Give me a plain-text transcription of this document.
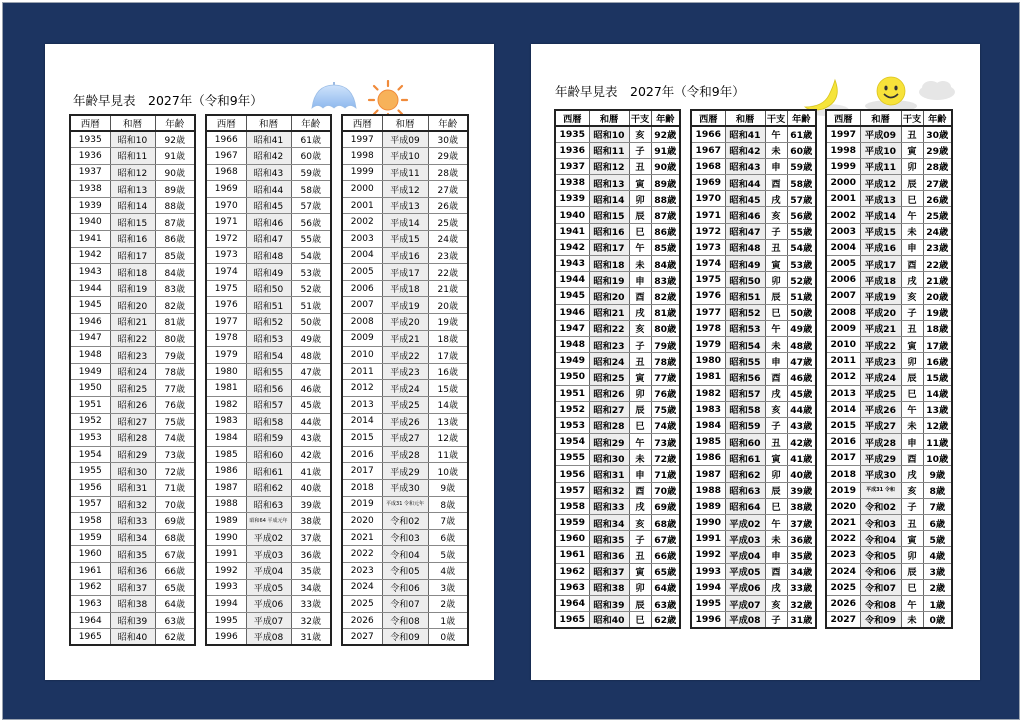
年齢早見表　2027年（令和9年）
西暦	和暦	年齢
1935	昭和10	92歳
1936	昭和11	91歳
1937	昭和12	90歳
1938	昭和13	89歳
1939	昭和14	88歳
1940	昭和15	87歳
1941	昭和16	86歳
1942	昭和17	85歳
1943	昭和18	84歳
1944	昭和19	83歳
1945	昭和20	82歳
1946	昭和21	81歳
1947	昭和22	80歳
1948	昭和23	79歳
1949	昭和24	78歳
1950	昭和25	77歳
1951	昭和26	76歳
1952	昭和27	75歳
1953	昭和28	74歳
1954	昭和29	73歳
1955	昭和30	72歳
1956	昭和31	71歳
1957	昭和32	70歳
1958	昭和33	69歳
1959	昭和34	68歳
1960	昭和35	67歳
1961	昭和36	66歳
1962	昭和37	65歳
1963	昭和38	64歳
1964	昭和39	63歳
1965	昭和40	62歳
西暦	和暦	年齢
1966	昭和41	61歳
1967	昭和42	60歳
1968	昭和43	59歳
1969	昭和44	58歳
1970	昭和45	57歳
1971	昭和46	56歳
1972	昭和47	55歳
1973	昭和48	54歳
1974	昭和49	53歳
1975	昭和50	52歳
1976	昭和51	51歳
1977	昭和52	50歳
1978	昭和53	49歳
1979	昭和54	48歳
1980	昭和55	47歳
1981	昭和56	46歳
1982	昭和57	45歳
1983	昭和58	44歳
1984	昭和59	43歳
1985	昭和60	42歳
1986	昭和61	41歳
1987	昭和62	40歳
1988	昭和63	39歳
1989	昭和64 平成元年	38歳
1990	平成02	37歳
1991	平成03	36歳
1992	平成04	35歳
1993	平成05	34歳
1994	平成06	33歳
1995	平成07	32歳
1996	平成08	31歳
西暦	和暦	年齢
1997	平成09	30歳
1998	平成10	29歳
1999	平成11	28歳
2000	平成12	27歳
2001	平成13	26歳
2002	平成14	25歳
2003	平成15	24歳
2004	平成16	23歳
2005	平成17	22歳
2006	平成18	21歳
2007	平成19	20歳
2008	平成20	19歳
2009	平成21	18歳
2010	平成22	17歳
2011	平成23	16歳
2012	平成24	15歳
2013	平成25	14歳
2014	平成26	13歳
2015	平成27	12歳
2016	平成28	11歳
2017	平成29	10歳
2018	平成30	9歳
2019	平成31 令和元年	8歳
2020	令和02	7歳
2021	令和03	6歳
2022	令和04	5歳
2023	令和05	4歳
2024	令和06	3歳
2025	令和07	2歳
2026	令和08	1歳
2027	令和09	0歳
年齢早見表　2027年（令和9年）
西暦	和暦	干支	年齢
1935	昭和10	亥	92歳
1936	昭和11	子	91歳
1937	昭和12	丑	90歳
1938	昭和13	寅	89歳
1939	昭和14	卯	88歳
1940	昭和15	辰	87歳
1941	昭和16	巳	86歳
1942	昭和17	午	85歳
1943	昭和18	未	84歳
1944	昭和19	申	83歳
1945	昭和20	酉	82歳
1946	昭和21	戌	81歳
1947	昭和22	亥	80歳
1948	昭和23	子	79歳
1949	昭和24	丑	78歳
1950	昭和25	寅	77歳
1951	昭和26	卯	76歳
1952	昭和27	辰	75歳
1953	昭和28	巳	74歳
1954	昭和29	午	73歳
1955	昭和30	未	72歳
1956	昭和31	申	71歳
1957	昭和32	酉	70歳
1958	昭和33	戌	69歳
1959	昭和34	亥	68歳
1960	昭和35	子	67歳
1961	昭和36	丑	66歳
1962	昭和37	寅	65歳
1963	昭和38	卯	64歳
1964	昭和39	辰	63歳
1965	昭和40	巳	62歳
西暦	和暦	干支	年齢
1966	昭和41	午	61歳
1967	昭和42	未	60歳
1968	昭和43	申	59歳
1969	昭和44	酉	58歳
1970	昭和45	戌	57歳
1971	昭和46	亥	56歳
1972	昭和47	子	55歳
1973	昭和48	丑	54歳
1974	昭和49	寅	53歳
1975	昭和50	卯	52歳
1976	昭和51	辰	51歳
1977	昭和52	巳	50歳
1978	昭和53	午	49歳
1979	昭和54	未	48歳
1980	昭和55	申	47歳
1981	昭和56	酉	46歳
1982	昭和57	戌	45歳
1983	昭和58	亥	44歳
1984	昭和59	子	43歳
1985	昭和60	丑	42歳
1986	昭和61	寅	41歳
1987	昭和62	卯	40歳
1988	昭和63	辰	39歳
1989	昭和64	巳	38歳
1990	平成02	午	37歳
1991	平成03	未	36歳
1992	平成04	申	35歳
1993	平成05	酉	34歳
1994	平成06	戌	33歳
1995	平成07	亥	32歳
1996	平成08	子	31歳
西暦	和暦	干支	年齢
1997	平成09	丑	30歳
1998	平成10	寅	29歳
1999	平成11	卯	28歳
2000	平成12	辰	27歳
2001	平成13	巳	26歳
2002	平成14	午	25歳
2003	平成15	未	24歳
2004	平成16	申	23歳
2005	平成17	酉	22歳
2006	平成18	戌	21歳
2007	平成19	亥	20歳
2008	平成20	子	19歳
2009	平成21	丑	18歳
2010	平成22	寅	17歳
2011	平成23	卯	16歳
2012	平成24	辰	15歳
2013	平成25	巳	14歳
2014	平成26	午	13歳
2015	平成27	未	12歳
2016	平成28	申	11歳
2017	平成29	酉	10歳
2018	平成30	戌	9歳
2019	平成31 令和	亥	8歳
2020	令和02	子	7歳
2021	令和03	丑	6歳
2022	令和04	寅	5歳
2023	令和05	卯	4歳
2024	令和06	辰	3歳
2025	令和07	巳	2歳
2026	令和08	午	1歳
2027	令和09	未	0歳
